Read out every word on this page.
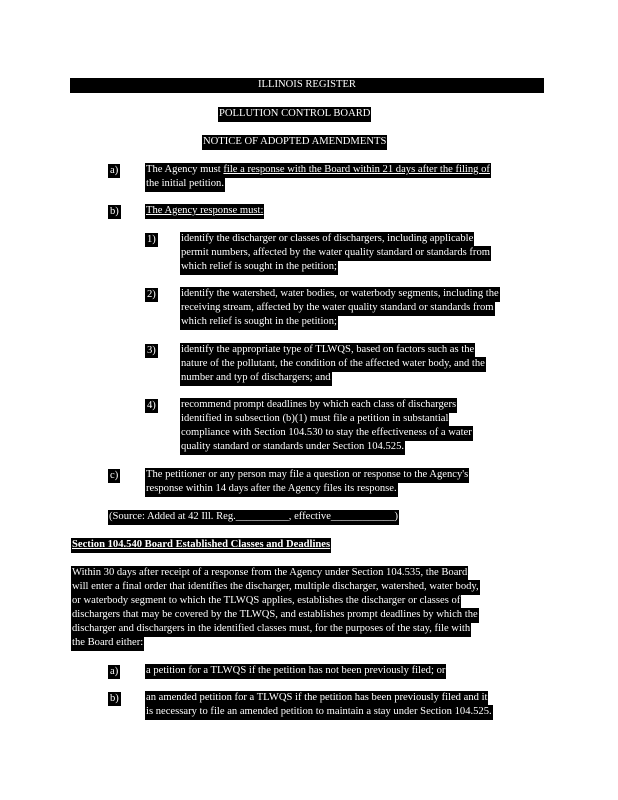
ILLINOIS REGISTER
POLLUTION CONTROL BOARD
NOTICE OF ADOPTED AMENDMENTS
a)	The Agency must file a response with the Board within 21 days after the filing of
the initial petition.
b)	The Agency response must:
1) identify the discharger or classes of dischargers, including applicable
permit numbers, affected by the water quality standard or standards from
which relief is sought in the petition;
2) identify the watershed, water bodies, or waterbody segments, including the
receiving stream, affected by the water quality standard or standards from
which relief is sought in the petition;
3) identify the appropriate type of TLWQS, based on factors such as the
nature of the pollutant, the condition of the affected water body, and the
number and typ of dischargers; and
4) recommend prompt deadlines by which each class of dischargers
identified in subsection (b)(1) must file a petition in substantial
compliance with Section 104.530 to stay the effectiveness of a water
quality standard or standards under Section 104.525.
c)	The petitioner or any person may file a question or response to the Agency's
response within 14 days after the Agency files its response.
(Source: Added at 42 Ill. Reg.__________, effective____________)
Section 104.540 Board Established Classes and Deadlines
Within 30 days after receipt of a response from the Agency under Section 104.535, the Board
will enter a final order that identifies the discharger, multiple discharger, watershed, water body,
or waterbody segment to which the TLWQS applies, establishes the discharger or classes of
dischargers that may be covered by the TLWQS, and establishes prompt deadlines by which the
discharger and dischargers in the identified classes must, for the purposes of the stay, file with
the Board either:
a)	a petition for a TLWQS if the petition has not been previously filed; or
b)	an amended petition for a TLWQS if the petition has been previously filed and it
is necessary to file an amended petition to maintain a stay under Section 104.525.
